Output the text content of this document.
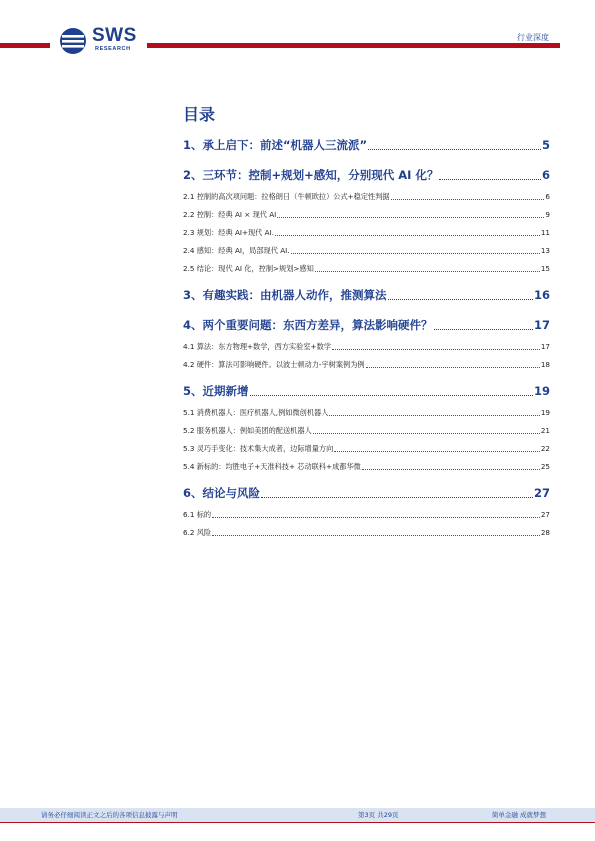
SWS
RESEARCH
行业深度
目录
1、承上启下：前述“机器人三流派”	5
2、三环节：控制+规划+感知，分别现代 AI 化？	6
2.1 控制的高次项问题：拉格朗日（牛顿欧拉）公式+稳定性判据	6
2.2 控制：经典 AI × 现代 AI	9
2.3 规划：经典 AI+现代 AI.	11
2.4 感知：经典 AI，局部现代 AI.	13
2.5 结论：现代 AI 化，控制>规划>感知	15
3、有趣实践：由机器人动作，推测算法	16
4、两个重要问题：东西方差异，算法影响硬件？	17
4.1 算法：东方物理+数学，西方实验室+数学	17
4.2 硬件：算法可影响硬件。以波士顿动力-宇树案例为例	18
5、近期新增	19
5.1 消费机器人：医疗机器人,例如微创机器人	19
5.2 服务机器人：例如美团的配送机器人	21
5.3 灵巧手变化：技术集大成者，边际增量方向	22
5.4 新标的：均胜电子+天准科技+ 芯动联科+成都华微	25
6、结论与风险	27
6.1 标的	27
6.2 风险	28
请务必仔细阅读正文之后的各项信息披露与声明	第3页 共29页	简单金融 成就梦想
